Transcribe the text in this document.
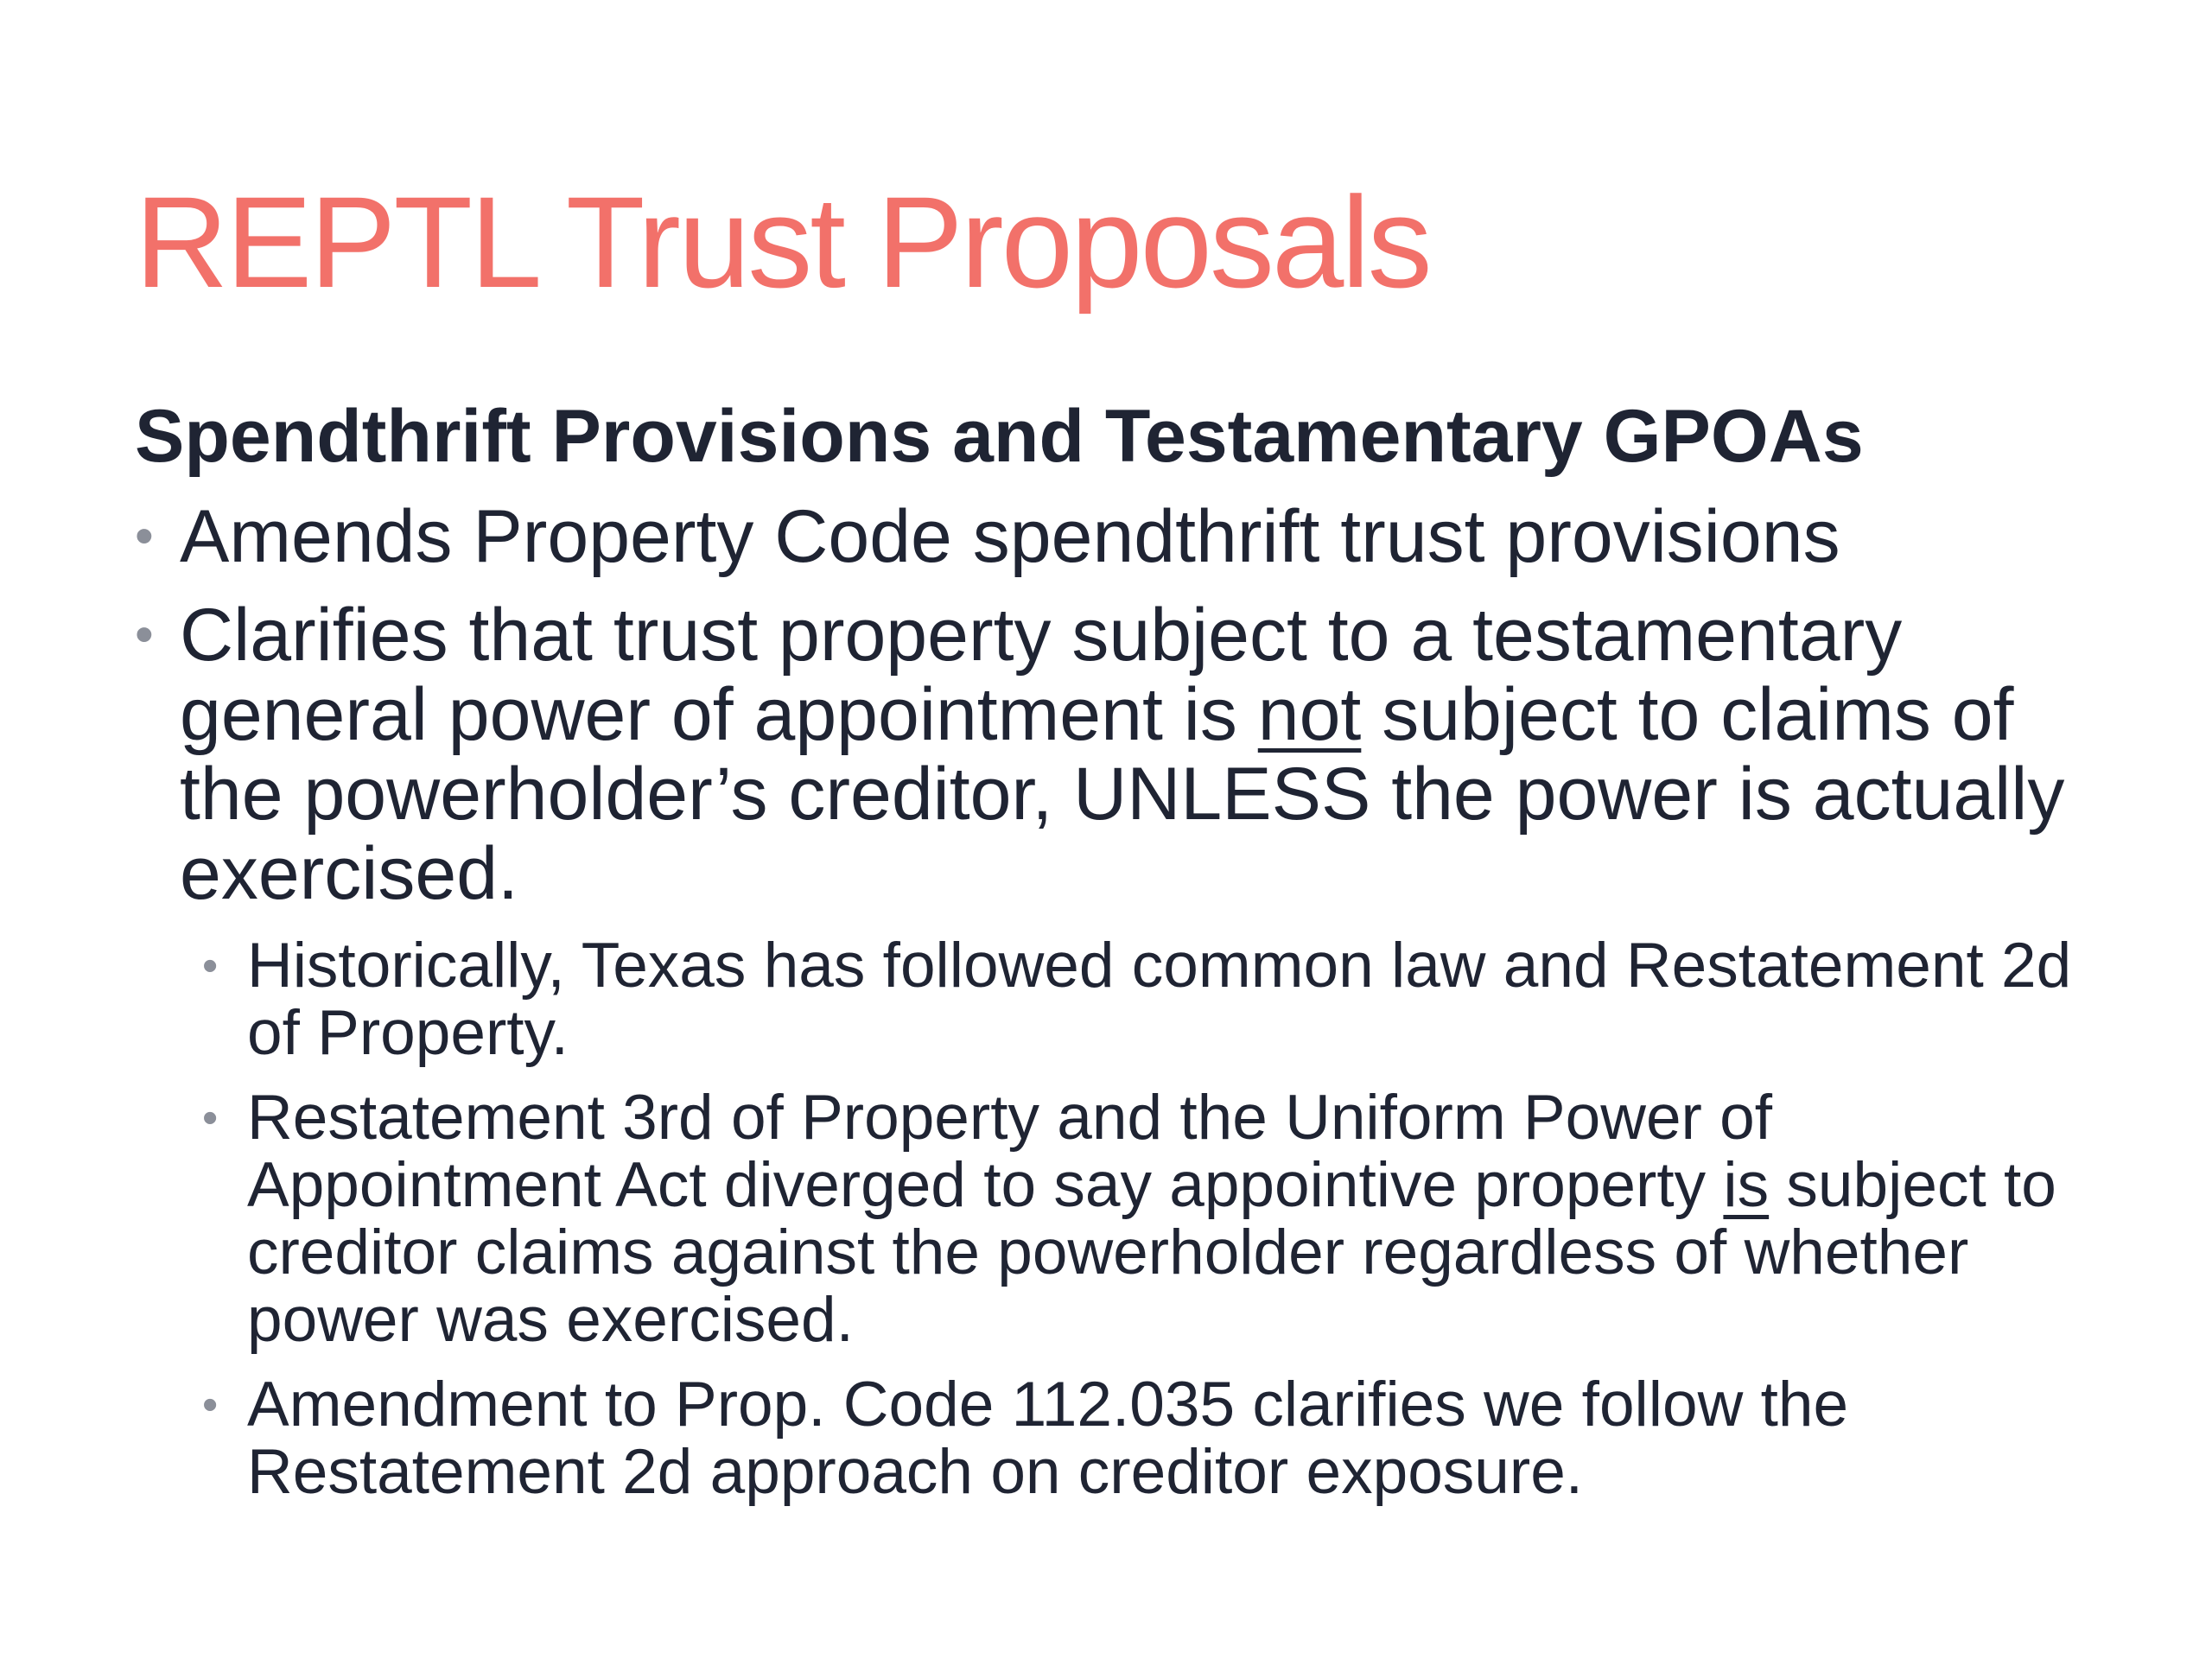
REPTL Trust Proposals
Spendthrift Provisions and Testamentary GPOAs

• Amends Property Code spendthrift trust provisions

• Clarifies that trust property subject to a testamentary general power of appointment is not subject to claims of the powerholder’s creditor, UNLESS the power is actually exercised.

• Historically, Texas has followed common law and Restatement 2d of Property.

• Restatement 3rd of Property and the Uniform Power of Appointment Act diverged to say appointive property is subject to creditor claims against the powerholder regardless of whether power was exercised.

• Amendment to Prop. Code 112.035 clarifies we follow the Restatement 2d approach on creditor exposure.
